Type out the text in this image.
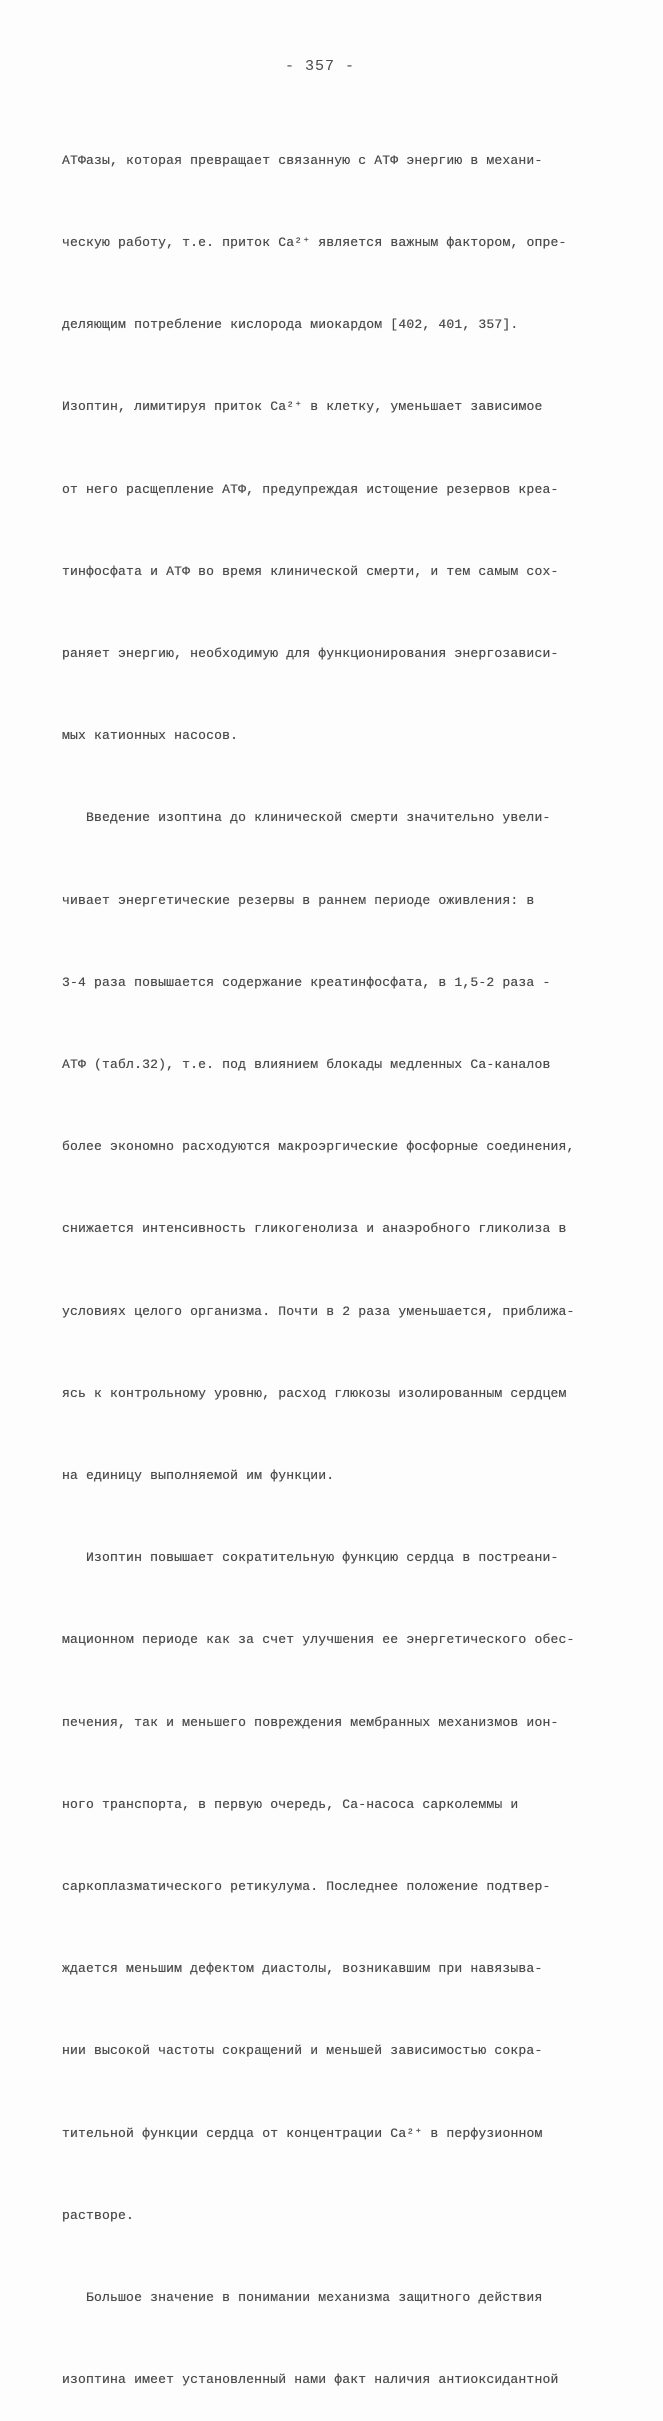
- 357 -

АТФазы, которая превращает связанную с АТФ энергию в механи-

ческую работу, т.е. приток Са²⁺ является важным фактором, опре-

деляющим потребление кислорода миокардом [402, 401, 357].

Изоптин, лимитируя приток Са²⁺ в клетку, уменьшает зависимое

от него расщепление АТФ, предупреждая истощение резервов креа-

тинфосфата и АТФ во время клинической смерти, и тем самым сох-

раняет энергию, необходимую для функционирования энергозависи-

мых катионных насосов.

Введение изоптина до клинической смерти значительно увели-

чивает энергетические резервы в раннем периоде оживления: в

3-4 раза повышается содержание креатинфосфата, в 1,5-2 раза -

АТФ (табл.32), т.е. под влиянием блокады медленных Са-каналов

более экономно расходуются макроэргические фосфорные соединения,

снижается интенсивность гликогенолиза и анаэробного гликолиза в

условиях целого организма. Почти в 2 раза уменьшается, приближа-

ясь к контрольному уровню, расход глюкозы изолированным сердцем

на единицу выполняемой им функции.

Изоптин повышает сократительную функцию сердца в постреани-

мационном периоде как за счет улучшения ее энергетического обес-

печения, так и меньшего повреждения мембранных механизмов ион-

ного транспорта, в первую очередь, Са-насоса сарколеммы и

саркоплазматического ретикулума. Последнее положение подтвер-

ждается меньшим дефектом диастолы, возникавшим при навязыва-

нии высокой частоты сокращений и меньшей зависимостью сокра-

тительной функции сердца от концентрации Са²⁺ в перфузионном

растворе.

Большое значение в понимании механизма защитного действия

изоптина имеет установленный нами факт наличия антиоксидантной
